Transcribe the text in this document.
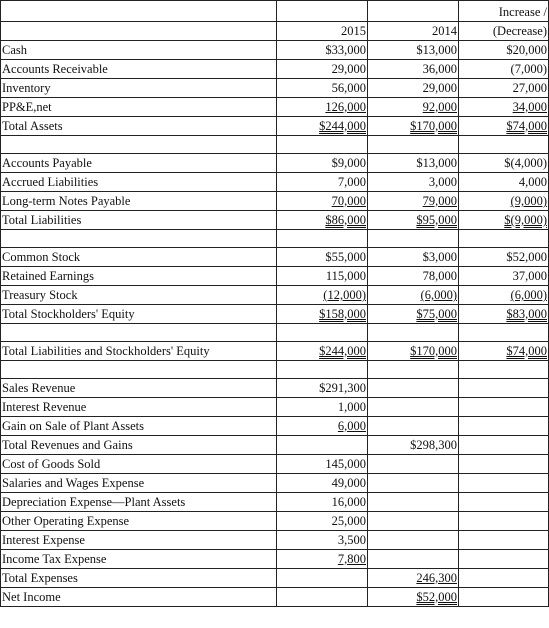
			Increase /
	2015	2014	(Decrease)
Cash	$33,000	$13,000	$20,000
Accounts Receivable	29,000	36,000	(7,000)
Inventory	56,000	29,000	27,000
PP&E,net	126,000	92,000	34,000
Total Assets	$244,000	$170,000	$74,000

Accounts Payable	$9,000	$13,000	$(4,000)
Accrued Liabilities	7,000	3,000	4,000
Long-term Notes Payable	70,000	79,000	(9,000)
Total Liabilities	$86,000	$95,000	$(9,000)

Common Stock	$55,000	$3,000	$52,000
Retained Earnings	115,000	78,000	37,000
Treasury Stock	(12,000)	(6,000)	(6,000)
Total Stockholders' Equity	$158,000	$75,000	$83,000

Total Liabilities and Stockholders' Equity	$244,000	$170,000	$74,000

Sales Revenue	$291,300		
Interest Revenue	1,000		
Gain on Sale of Plant Assets	6,000		
Total Revenues and Gains		$298,300	
Cost of Goods Sold	145,000		
Salaries and Wages Expense	49,000		
Depreciation Expense—Plant Assets	16,000		
Other Operating Expense	25,000		
Interest Expense	3,500		
Income Tax Expense	7,800		
Total Expenses		246,300	
Net Income		$52,000	
